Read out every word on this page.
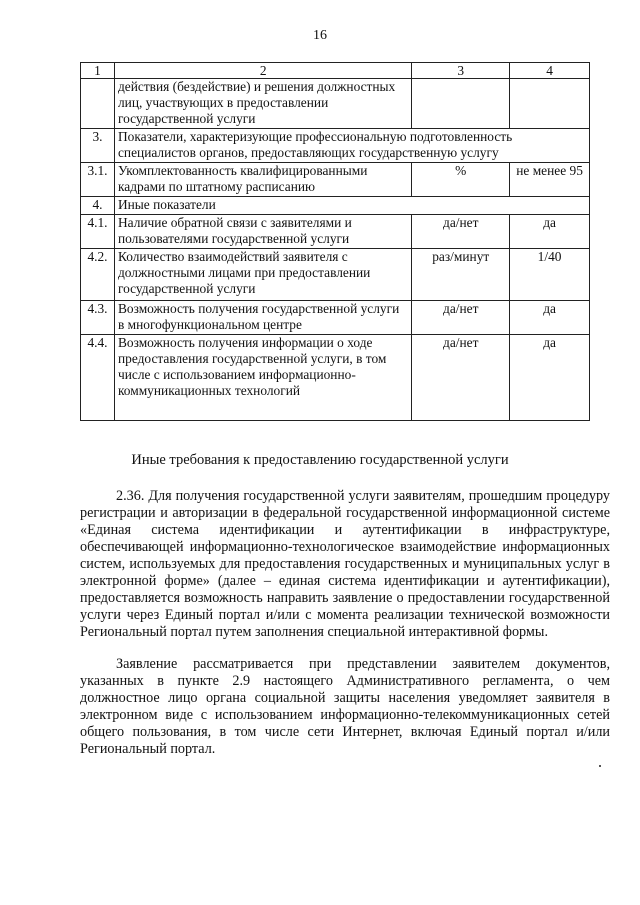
16
1	2	3	4
	действия (бездействие) и решения должностных лиц, участвующих в предоставлении государственной услуги		
3.	Показатели, характеризующие профессиональную подготовленность специалистов органов, предоставляющих государственную услугу		
3.1.	Укомплектованность квалифицированными кадрами по штатному расписанию	%	не менее 95
4.	Иные показатели		
4.1.	Наличие обратной связи с заявителями и пользователями государственной услуги	да/нет	да
4.2.	Количество взаимодействий заявителя с должностными лицами при предоставлении государственной услуги	раз/минут	1/40
4.3.	Возможность получения государственной услуги в многофункциональном центре	да/нет	да
4.4.	Возможность получения информации о ходе предоставления государственной услуги, в том числе с использованием информационно-коммуникационных технологий	да/нет	да
Иные требования к предоставлению государственной услуги

2.36. Для получения государственной услуги заявителям, прошедшим процедуру регистрации и авторизации в федеральной государственной информационной системе «Единая система идентификации и аутентификации в инфраструктуре, обеспечивающей информационно-технологическое взаимодействие информационных систем, используемых для предоставления государственных и муниципальных услуг в электронной форме» (далее – единая система идентификации и аутентификации), предоставляется возможность направить заявление о предоставлении государственной услуги через Единый портал и/или с момента реализации технической возможности Региональный портал путем заполнения специальной интерактивной формы.

Заявление рассматривается при представлении заявителем документов, указанных в пункте 2.9 настоящего Административного регламента, о чем должностное лицо органа социальной защиты населения уведомляет заявителя в электронном виде с использованием информационно-телекоммуникационных сетей общего пользования, в том числе сети Интернет, включая Единый портал и/или Региональный портал.
